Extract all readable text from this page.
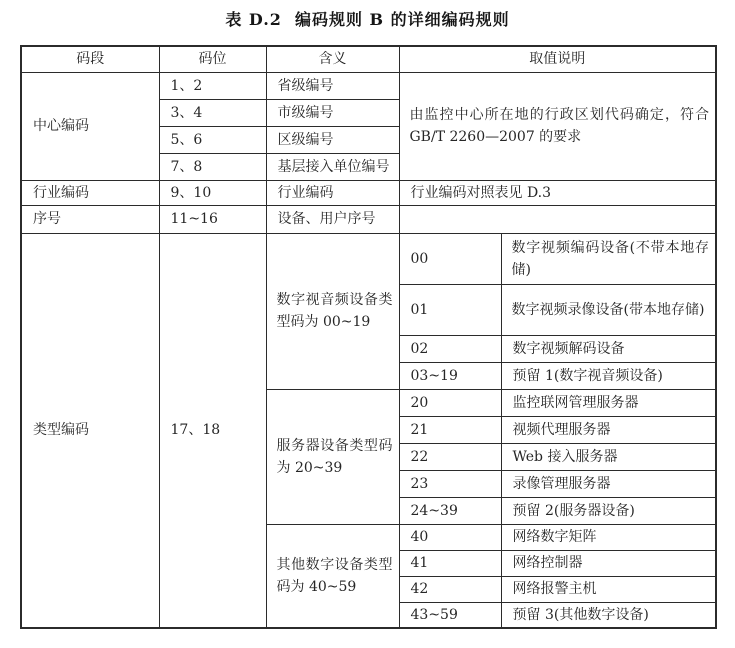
表 D.2 编码规则 B 的详细编码规则
码段	码位	含义	取值说明	
中心编码	1、2	省级编号	由监控中心所在地的行政区划代码确定，符合 GB/T 2260—2007 的要求	
	3、4	市级编号		
	5、6	区级编号		
	7、8	基层接入单位编号		
行业编码	9、10	行业编码	行业编码对照表见 D.3	
序号	11~16	设备、用户序号		
类型编码	17、18	数字视音频设备类型码为 00~19	00	数字视频编码设备(不带本地存储)
			01	数字视频录像设备(带本地存储)
			02	数字视频解码设备
			03~19	预留 1(数字视音频设备)
		服务器设备类型码为 20~39	20	监控联网管理服务器
			21	视频代理服务器
			22	Web 接入服务器
			23	录像管理服务器
			24~39	预留 2(服务器设备)
		其他数字设备类型码为 40~59	40	网络数字矩阵
			41	网络控制器
			42	网络报警主机
			43~59	预留 3(其他数字设备)
